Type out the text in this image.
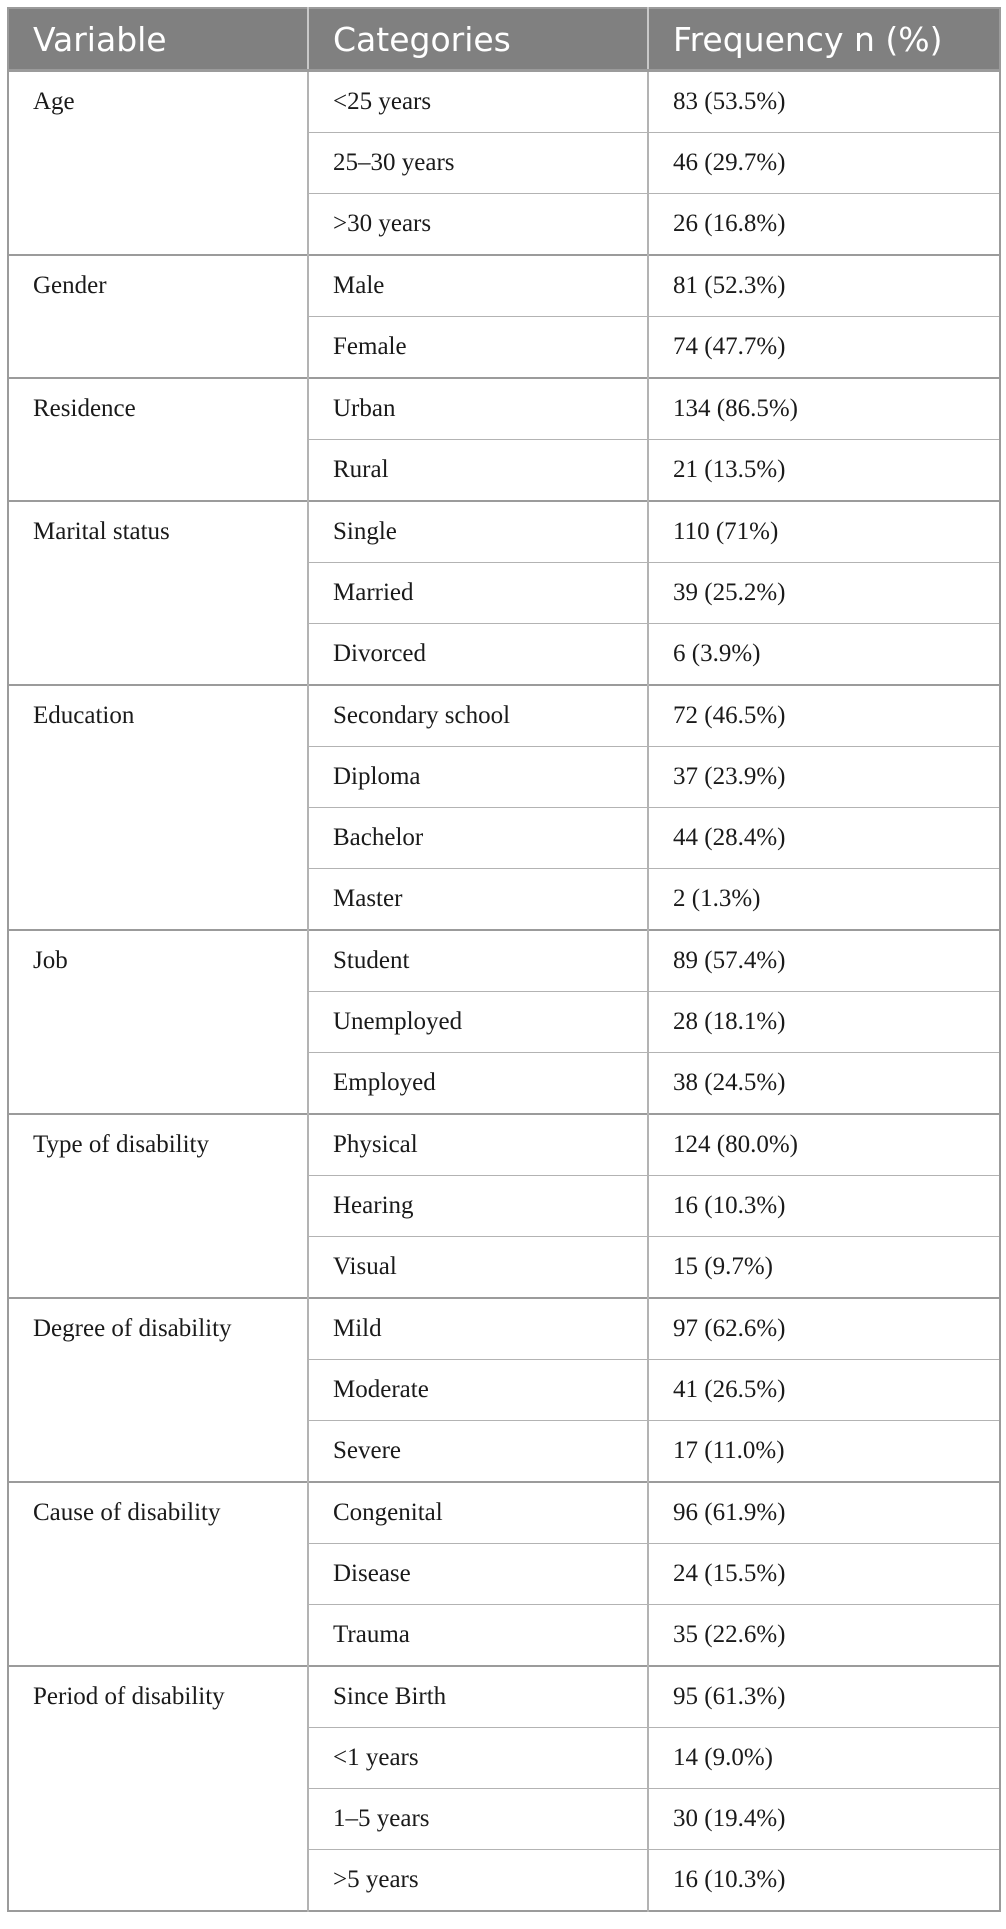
Variable	Categories	Frequency n (%)
Age	<25 years	83 (53.5%)
	25–30 years	46 (29.7%)
	>30 years	26 (16.8%)
Gender	Male	81 (52.3%)
	Female	74 (47.7%)
Residence	Urban	134 (86.5%)
	Rural	21 (13.5%)
Marital status	Single	110 (71%)
	Married	39 (25.2%)
	Divorced	6 (3.9%)
Education	Secondary school	72 (46.5%)
	Diploma	37 (23.9%)
	Bachelor	44 (28.4%)
	Master	2 (1.3%)
Job	Student	89 (57.4%)
	Unemployed	28 (18.1%)
	Employed	38 (24.5%)
Type of disability	Physical	124 (80.0%)
	Hearing	16 (10.3%)
	Visual	15 (9.7%)
Degree of disability	Mild	97 (62.6%)
	Moderate	41 (26.5%)
	Severe	17 (11.0%)
Cause of disability	Congenital	96 (61.9%)
	Disease	24 (15.5%)
	Trauma	35 (22.6%)
Period of disability	Since Birth	95 (61.3%)
	<1 years	14 (9.0%)
	1–5 years	30 (19.4%)
	>5 years	16 (10.3%)
